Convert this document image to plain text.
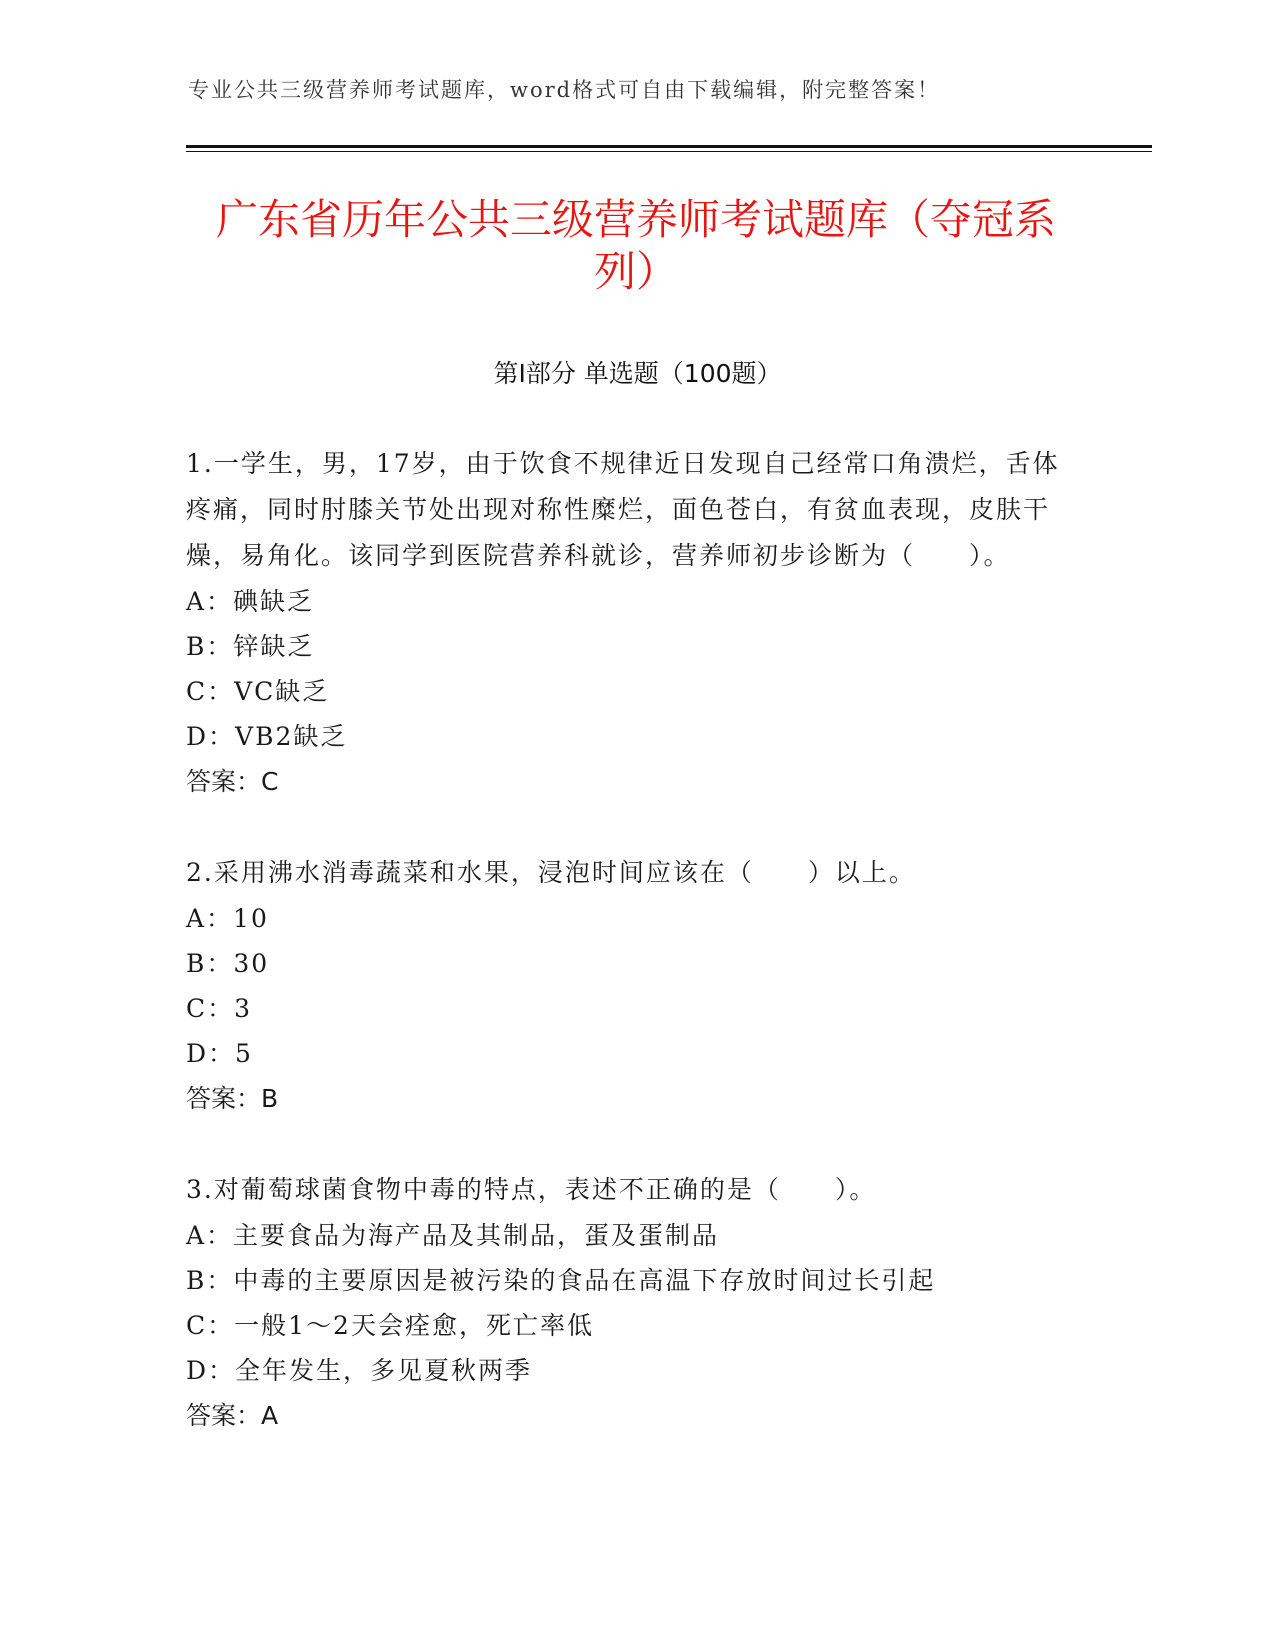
专业公共三级营养师考试题库，word格式可自由下载编辑，附完整答案！
广东省历年公共三级营养师考试题库（夺冠系列）
第Ⅰ部分 单选题（100题）

1.一学生，男，17岁，由于饮食不规律近日发现自己经常口角溃烂，舌体疼痛，同时肘膝关节处出现对称性糜烂，面色苍白，有贫血表现，皮肤干燥，易角化。该同学到医院营养科就诊，营养师初步诊断为（　　）。

A：碘缺乏

B：锌缺乏

C：VC缺乏

D：VB2缺乏

答案：C

2.采用沸水消毒蔬菜和水果，浸泡时间应该在（　　）以上。

A：10

B：30

C：3

D：5

答案：B

3.对葡萄球菌食物中毒的特点，表述不正确的是（　　）。

A：主要食品为海产品及其制品，蛋及蛋制品

B：中毒的主要原因是被污染的食品在高温下存放时间过长引起

C：一般1～2天会痊愈，死亡率低

D：全年发生，多见夏秋两季

答案：A
